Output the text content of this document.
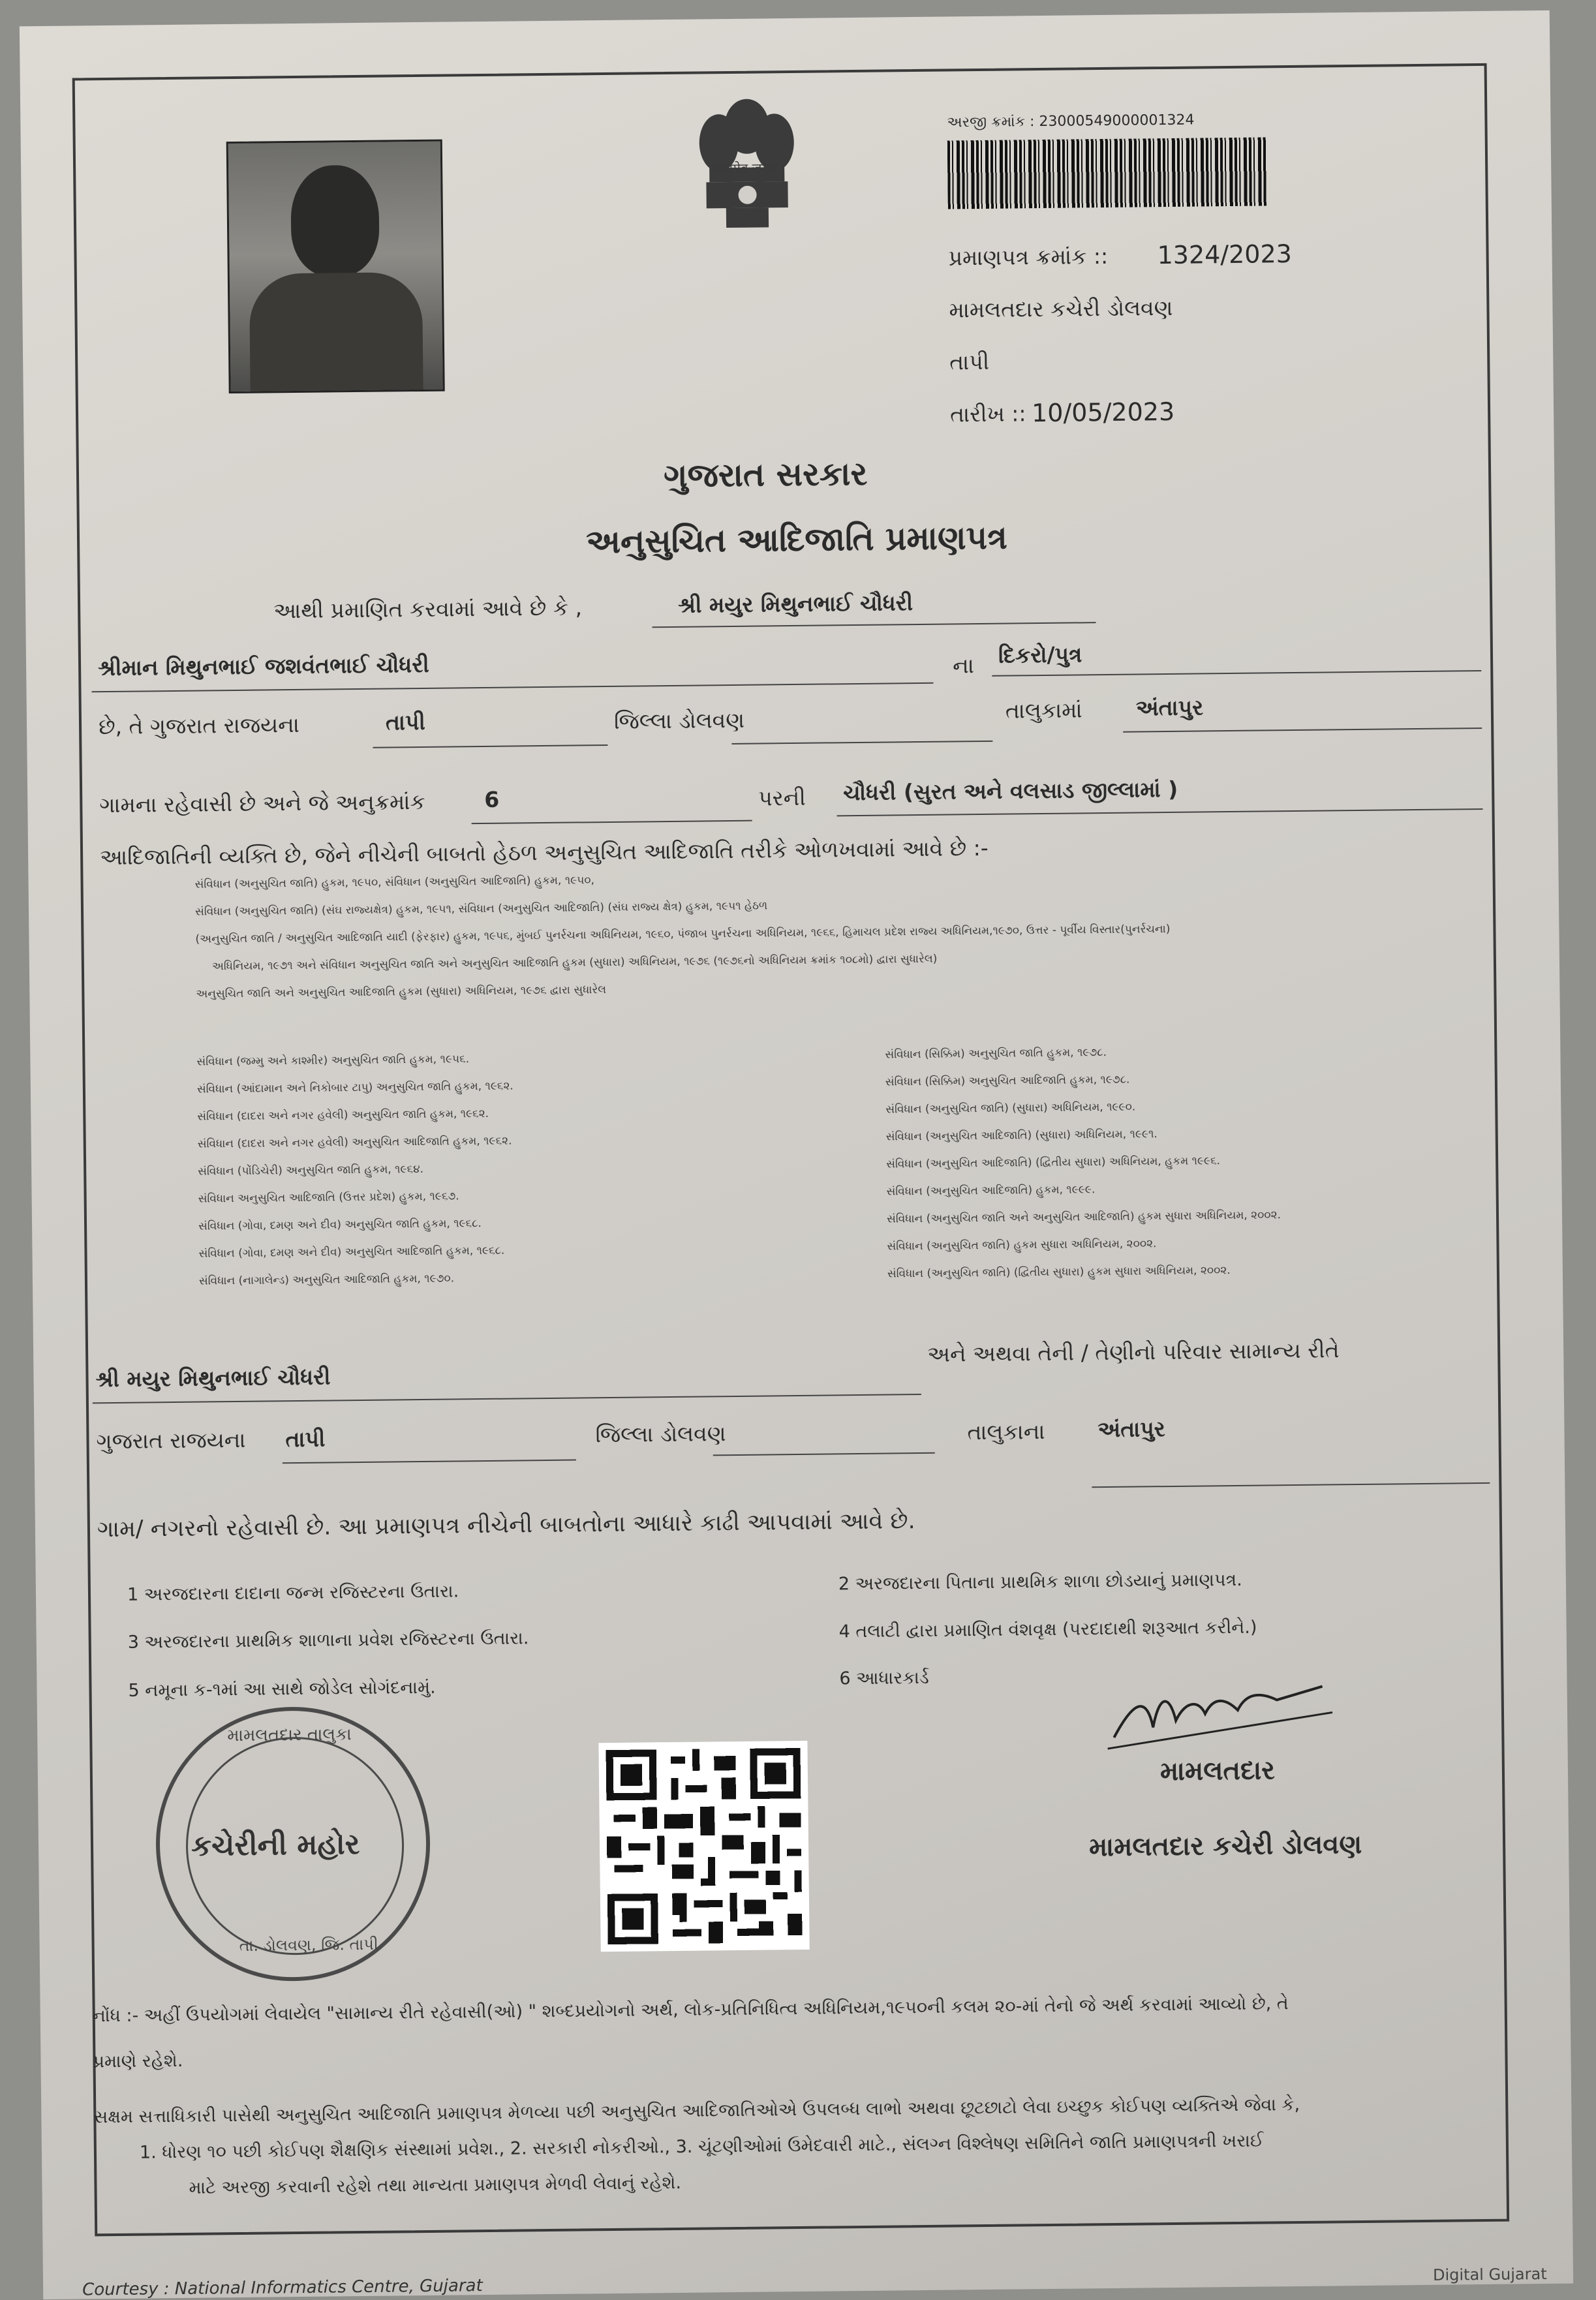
सत्यमेव जयते
અરજી ક્રમાંક : 23000549000001324
પ્રમાણપત્ર ક્રમાંક :: 1324/2023
મામલતદાર કચેરી ડોલવણ
તાપી
તારીખ :: 10/05/2023
ગુજરાત સરકાર
અનુસુચિત આદિજાતિ પ્રમાણપત્ર
આથી પ્રમાણિત કરવામાં આવે છે કે ,	શ્રી મયુર મિથુનભાઈ ચૌધરી
શ્રીમાન મિથુનભાઈ જશવંતભાઈ ચૌધરી	ના દિકરો/પુત્ર
છે, તે ગુજરાત રાજયના	તાપી	જિલ્લા ડોલવણ	તાલુકામાં અંતાપુર
ગામના રહેવાસી છે અને જે અનુક્રમાંક	6	પરની ચૌધરી (સુરત અને વલસાડ જીલ્લામાં )
આદિજાતિની વ્યક્તિ છે, જેને નીચેની બાબતો હેઠળ અનુસુચિત આદિજાતિ તરીકે ઓળખવામાં આવે છે :-
સંવિધાન (અનુસુચિત જાતિ) હુકમ, ૧૯૫૦, સંવિધાન (અનુસુચિત આદિજાતિ) હુકમ, ૧૯૫૦,
સંવિધાન (અનુસુચિત જાતિ) (સંઘ રાજ્યક્ષેત્ર) હુકમ, ૧૯૫૧, સંવિધાન (અનુસુચિત આદિજાતિ) (સંઘ રાજ્ય ક્ષેત્ર) હુકમ, ૧૯૫૧ હેઠળ
(અનુસુચિત જાતિ / અનુસુચિત આદિજાતિ યાદી (ફેરફાર) હુકમ, ૧૯૫૬, મુંબઈ પુનર્રચના અધિનિયમ, ૧૯૬૦, પંજાબ પુનર્રચના અધિનિયમ, ૧૯૬૬, હિમાચલ પ્રદેશ રાજ્ય અધિનિયમ,૧૯૭૦, ઉત્તર - પૂર્વીય વિસ્તાર(પુનર્રચના)
અધિનિયમ, ૧૯૭૧ અને સંવિધાન અનુસુચિત જાતિ અને અનુસુચિત આદિજાતિ હુકમ (સુધારા) અધિનિયમ, ૧૯૭૬ (૧૯૭૬નો અધિનિયમ ક્રમાંક ૧૦૮મો) દ્વારા સુધારેલ)
અનુસુચિત જાતિ અને અનુસુચિત આદિજાતિ હુકમ (સુધારા) અધિનિયમ, ૧૯૭૬ દ્વારા સુધારેલ
સંવિધાન (જમ્મુ અને કાશ્મીર) અનુસુચિત જાતિ હુકમ, ૧૯૫૬.
સંવિધાન (આંદામાન અને નિકોબાર ટાપુ) અનુસુચિત જાતિ હુકમ, ૧૯૬૨.
સંવિધાન (દાદરા અને નગર હવેલી) અનુસુચિત જાતિ હુકમ, ૧૯૬૨.
સંવિધાન (દાદરા અને નગર હવેલી) અનુસુચિત આદિજાતિ હુકમ, ૧૯૬૨.
સંવિધાન (પોંડિચેરી) અનુસુચિત જાતિ હુકમ, ૧૯૬૪.
સંવિધાન અનુસુચિત આદિજાતિ (ઉત્તર પ્રદેશ) હુકમ, ૧૯૬૭.
સંવિધાન (ગોવા, દમણ અને દીવ) અનુસુચિત જાતિ હુકમ, ૧૯૬૮.
સંવિધાન (ગોવા, દમણ અને દીવ) અનુસુચિત આદિજાતિ હુકમ, ૧૯૬૮.
સંવિધાન (નાગાલેન્ડ) અનુસુચિત આદિજાતિ હુકમ, ૧૯૭૦.
સંવિધાન (સિક્કિમ) અનુસુચિત જાતિ હુકમ, ૧૯૭૮.
સંવિધાન (સિક્કિમ) અનુસુચિત આદિજાતિ હુકમ, ૧૯૭૮.
સંવિધાન (અનુસુચિત જાતિ) (સુધારા) અધિનિયમ, ૧૯૯૦.
સંવિધાન (અનુસુચિત આદિજાતિ) (સુધારા) અધિનિયમ, ૧૯૯૧.
સંવિધાન (અનુસુચિત આદિજાતિ) (દ્વિતીય સુધારા) અધિનિયમ, હુકમ ૧૯૯૬.
સંવિધાન (અનુસુચિત આદિજાતિ) હુકમ, ૧૯૯૯.
સંવિધાન (અનુસુચિત જાતિ અને અનુસુચિત આદિજાતિ) હુકમ સુધારા અધિનિયમ, ૨૦૦૨.
સંવિધાન (અનુસુચિત જાતિ) હુકમ સુધારા અધિનિયમ, ૨૦૦૨.
સંવિધાન (અનુસુચિત જાતિ) (દ્વિતીય સુધારા) હુકમ સુધારા અધિનિયમ, ૨૦૦૨.
શ્રી મયુર મિથુનભાઈ ચૌધરી
અને અથવા તેની / તેણીનો પરિવાર સામાન્ય રીતે
ગુજરાત રાજયના તાપી	જિલ્લા ડોલવણ	તાલુકાના અંતાપુર
ગામ/ નગરનો રહેવાસી છે. આ પ્રમાણપત્ર નીચેની બાબતોના આધારે કાઢી આપવામાં આવે છે.
1 અરજદારના દાદાના જન્મ રજિસ્ટરના ઉતારા.	2 અરજદારના પિતાના પ્રાથમિક શાળા છોડયાનું પ્રમાણપત્ર.
3 અરજદારના પ્રાથમિક શાળાના પ્રવેશ રજિસ્ટરના ઉતારા.	4 તલાટી દ્વારા પ્રમાણિત વંશવૃક્ષ (પરદાદાથી શરૂઆત કરીને.)
5 નમૂના ક-૧માં આ સાથે જોડેલ સોગંદનામું.	6 આધારકાર્ડ
મામલતદાર તાલુકા
કચેરીની મહોર
તા. ડોલવણ, જિ. તાપી
મામલતદાર
મામલતદાર કચેરી ડોલવણ
નોંધ :- અહીં ઉપયોગમાં લેવાયેલ "સામાન્ય રીતે રહેવાસી(ઓ) " શબ્દપ્રયોગનો અર્થ, લોક-પ્રતિનિધિત્વ અધિનિયમ,૧૯૫૦ની કલમ ૨૦-માં તેનો જે અર્થ કરવામાં આવ્યો છે, તે
પ્રમાણે રહેશે.
સક્ષમ સત્તાધિકારી પાસેથી અનુસુચિત આદિજાતિ પ્રમાણપત્ર મેળવ્યા પછી અનુસુચિત આદિજાતિઓએ ઉપલબ્ધ લાભો અથવા છૂટછાટો લેવા ઇચ્છુક કોઈપણ વ્યક્તિએ જેવા કે,
1. ધોરણ ૧૦ પછી કોઈપણ શૈક્ષણિક સંસ્થામાં પ્રવેશ., 2. સરકારી નોકરીઓ., 3. ચૂંટણીઓમાં ઉમેદવારી માટે., સંલગ્ન વિશ્લેષણ સમિતિને જાતિ પ્રમાણપત્રની ખરાઈ
માટે અરજી કરવાની રહેશે તથા માન્યતા પ્રમાણપત્ર મેળવી લેવાનું રહેશે.
Courtesy : National Informatics Centre, Gujarat
Digital Gujarat
